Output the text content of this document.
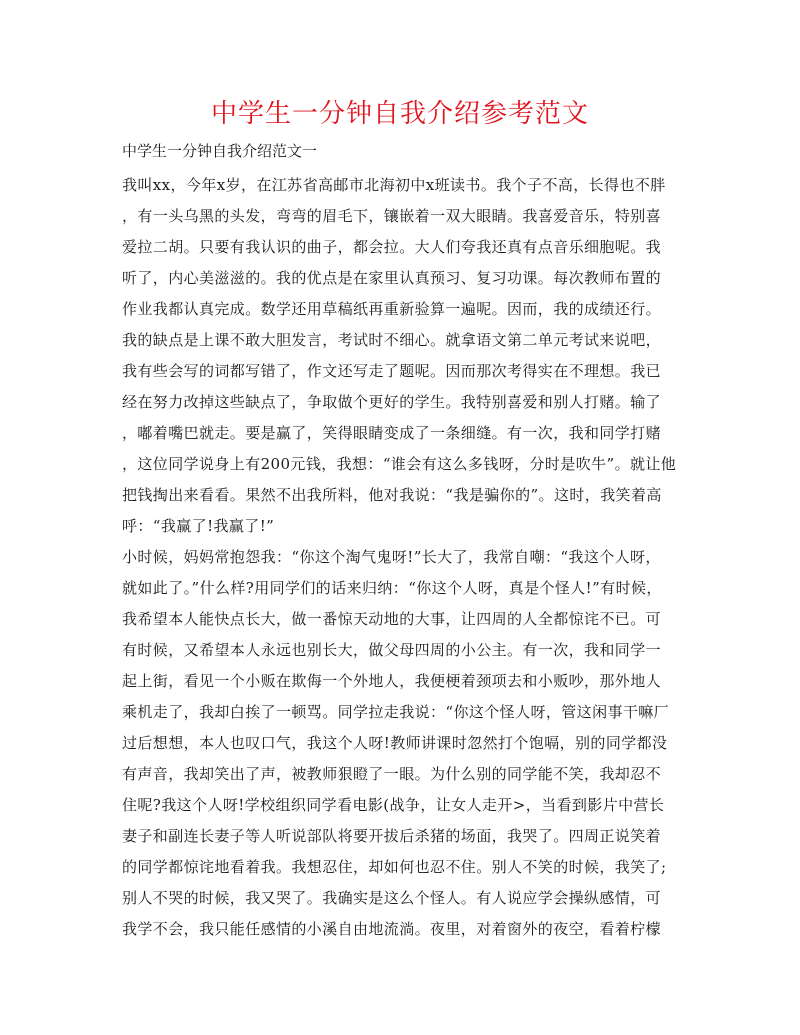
中学生一分钟自我介绍参考范文
中学生一分钟自我介绍范文一

我叫xx，今年x岁，在江苏省高邮市北海初中x班读书。我个子不高，长得也不胖
，有一头乌黑的头发，弯弯的眉毛下，镶嵌着一双大眼睛。我喜爱音乐，特别喜
爱拉二胡。只要有我认识的曲子，都会拉。大人们夸我还真有点音乐细胞呢。我
听了，内心美滋滋的。我的优点是在家里认真预习、复习功课。每次教师布置的
作业我都认真完成。数学还用草稿纸再重新验算一遍呢。因而，我的成绩还行。
我的缺点是上课不敢大胆发言，考试时不细心。就拿语文第二单元考试来说吧，
我有些会写的词都写错了，作文还写走了题呢。因而那次考得实在不理想。我已
经在努力改掉这些缺点了，争取做个更好的学生。我特别喜爱和别人打赌。输了
，嘟着嘴巴就走。要是赢了，笑得眼睛变成了一条细缝。有一次，我和同学打赌
，这位同学说身上有200元钱，我想：“谁会有这么多钱呀，分时是吹牛”。就让他
把钱掏出来看看。果然不出我所料，他对我说：“我是骗你的”。这时，我笑着高
呼：“我赢了!我赢了!”

小时候，妈妈常抱怨我：“你这个淘气鬼呀!”长大了，我常自嘲：“我这个人呀，
就如此了。”什么样?用同学们的话来归纳：“你这个人呀，真是个怪人!”有时候，
我希望本人能快点长大，做一番惊天动地的大事，让四周的人全都惊诧不已。可
有时候，又希望本人永远也别长大，做父母四周的小公主。有一次，我和同学一
起上街，看见一个小贩在欺侮一个外地人，我便梗着颈项去和小贩吵，那外地人
乘机走了，我却白挨了一顿骂。同学拉走我说：“你这个怪人呀，管这闲事干嘛厂
过后想想，本人也叹口气，我这个人呀!教师讲课时忽然打个饱嗝，别的同学都没
有声音，我却笑出了声，被教师狠瞪了一眼。为什么别的同学能不笑，我却忍不
住呢?我这个人呀!学校组织同学看电影(战争，让女人走开>，当看到影片中营长
妻子和副连长妻子等人听说部队将要开拔后杀猪的场面，我哭了。四周正说笑着
的同学都惊诧地看着我。我想忍住，却如何也忍不住。别人不笑的时候，我笑了;
别人不哭的时候，我又哭了。我确实是这么个怪人。有人说应学会操纵感情，可
我学不会，我只能任感情的小溪自由地流淌。夜里，对着窗外的夜空，看着柠檬
